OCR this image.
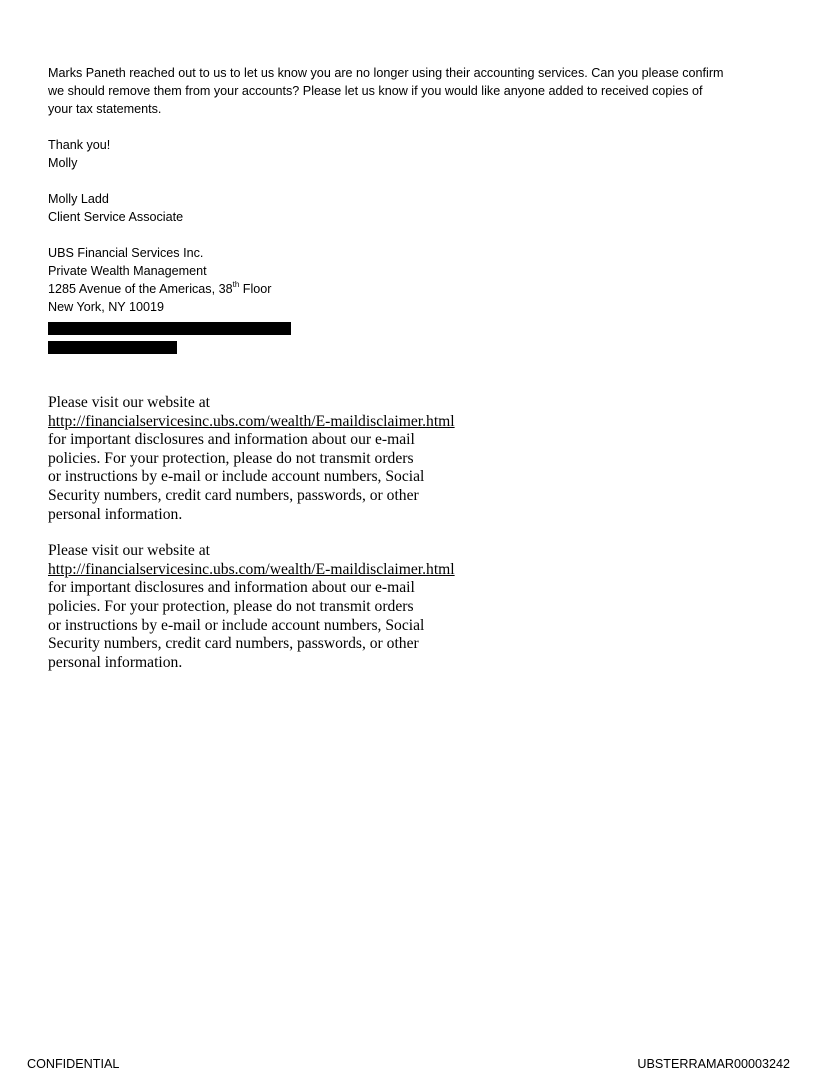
Marks Paneth reached out to us to let us know you are no longer using their accounting services. Can you please confirm

we should remove them from your accounts? Please let us know if you would like anyone added to received copies of

your tax statements.

Thank you!

Molly

Molly Ladd

Client Service Associate

UBS Financial Services Inc.

Private Wealth Management

1285 Avenue of the Americas, 38th Floor

New York, NY 10019

Please visit our website at

http://financialservicesinc.ubs.com/wealth/E-maildisclaimer.html

for important disclosures and information about our e-mail

policies. For your protection, please do not transmit orders

or instructions by e-mail or include account numbers, Social

Security numbers, credit card numbers, passwords, or other

personal information.

Please visit our website at

http://financialservicesinc.ubs.com/wealth/E-maildisclaimer.html

for important disclosures and information about our e-mail

policies. For your protection, please do not transmit orders

or instructions by e-mail or include account numbers, Social

Security numbers, credit card numbers, passwords, or other

personal information.

CONFIDENTIAL	UBSTERRAMAR00003242
